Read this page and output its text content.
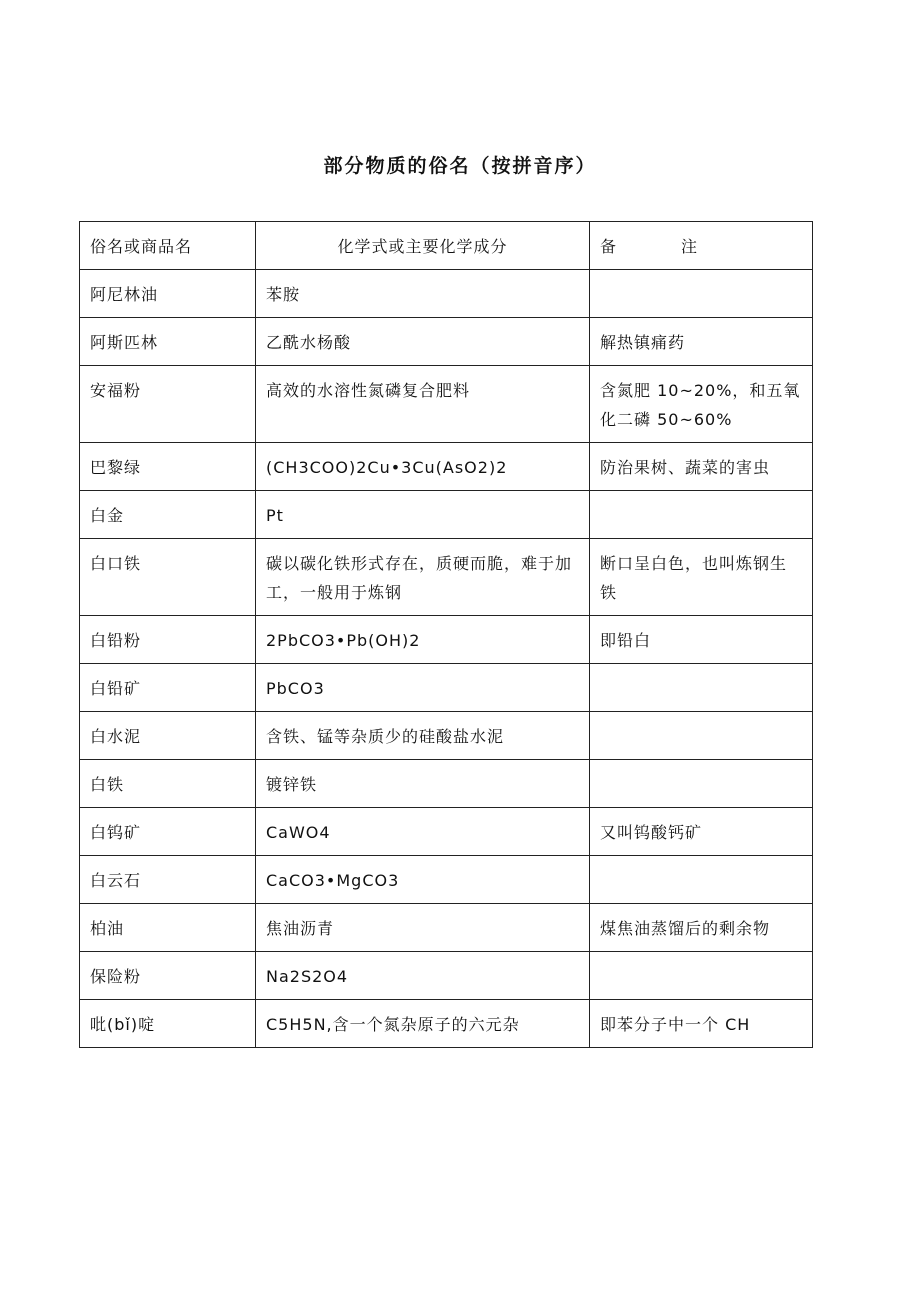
部分物质的俗名（按拼音序）
俗名或商品名	化学式或主要化学成分	备 注
阿尼林油	苯胺	
阿斯匹林	乙酰水杨酸	解热镇痛药
安福粉	高效的水溶性氮磷复合肥料	含氮肥 10~20%，和五氧化二磷 50~60%
巴黎绿	(CH3COO)2Cu•3Cu(AsO2)2	防治果树、蔬菜的害虫
白金	Pt	
白口铁	碳以碳化铁形式存在，质硬而脆，难于加工，一般用于炼钢	断口呈白色，也叫炼钢生铁
白铅粉	2PbCO3•Pb(OH)2	即铅白
白铅矿	PbCO3	
白水泥	含铁、锰等杂质少的硅酸盐水泥	
白铁	镀锌铁	
白钨矿	CaWO4	又叫钨酸钙矿
白云石	CaCO3•MgCO3	
柏油	焦油沥青	煤焦油蒸馏后的剩余物
保险粉	Na2S2O4	
吡(bǐ)啶	C5H5N,含一个氮杂原子的六元杂	即苯分子中一个 CH
